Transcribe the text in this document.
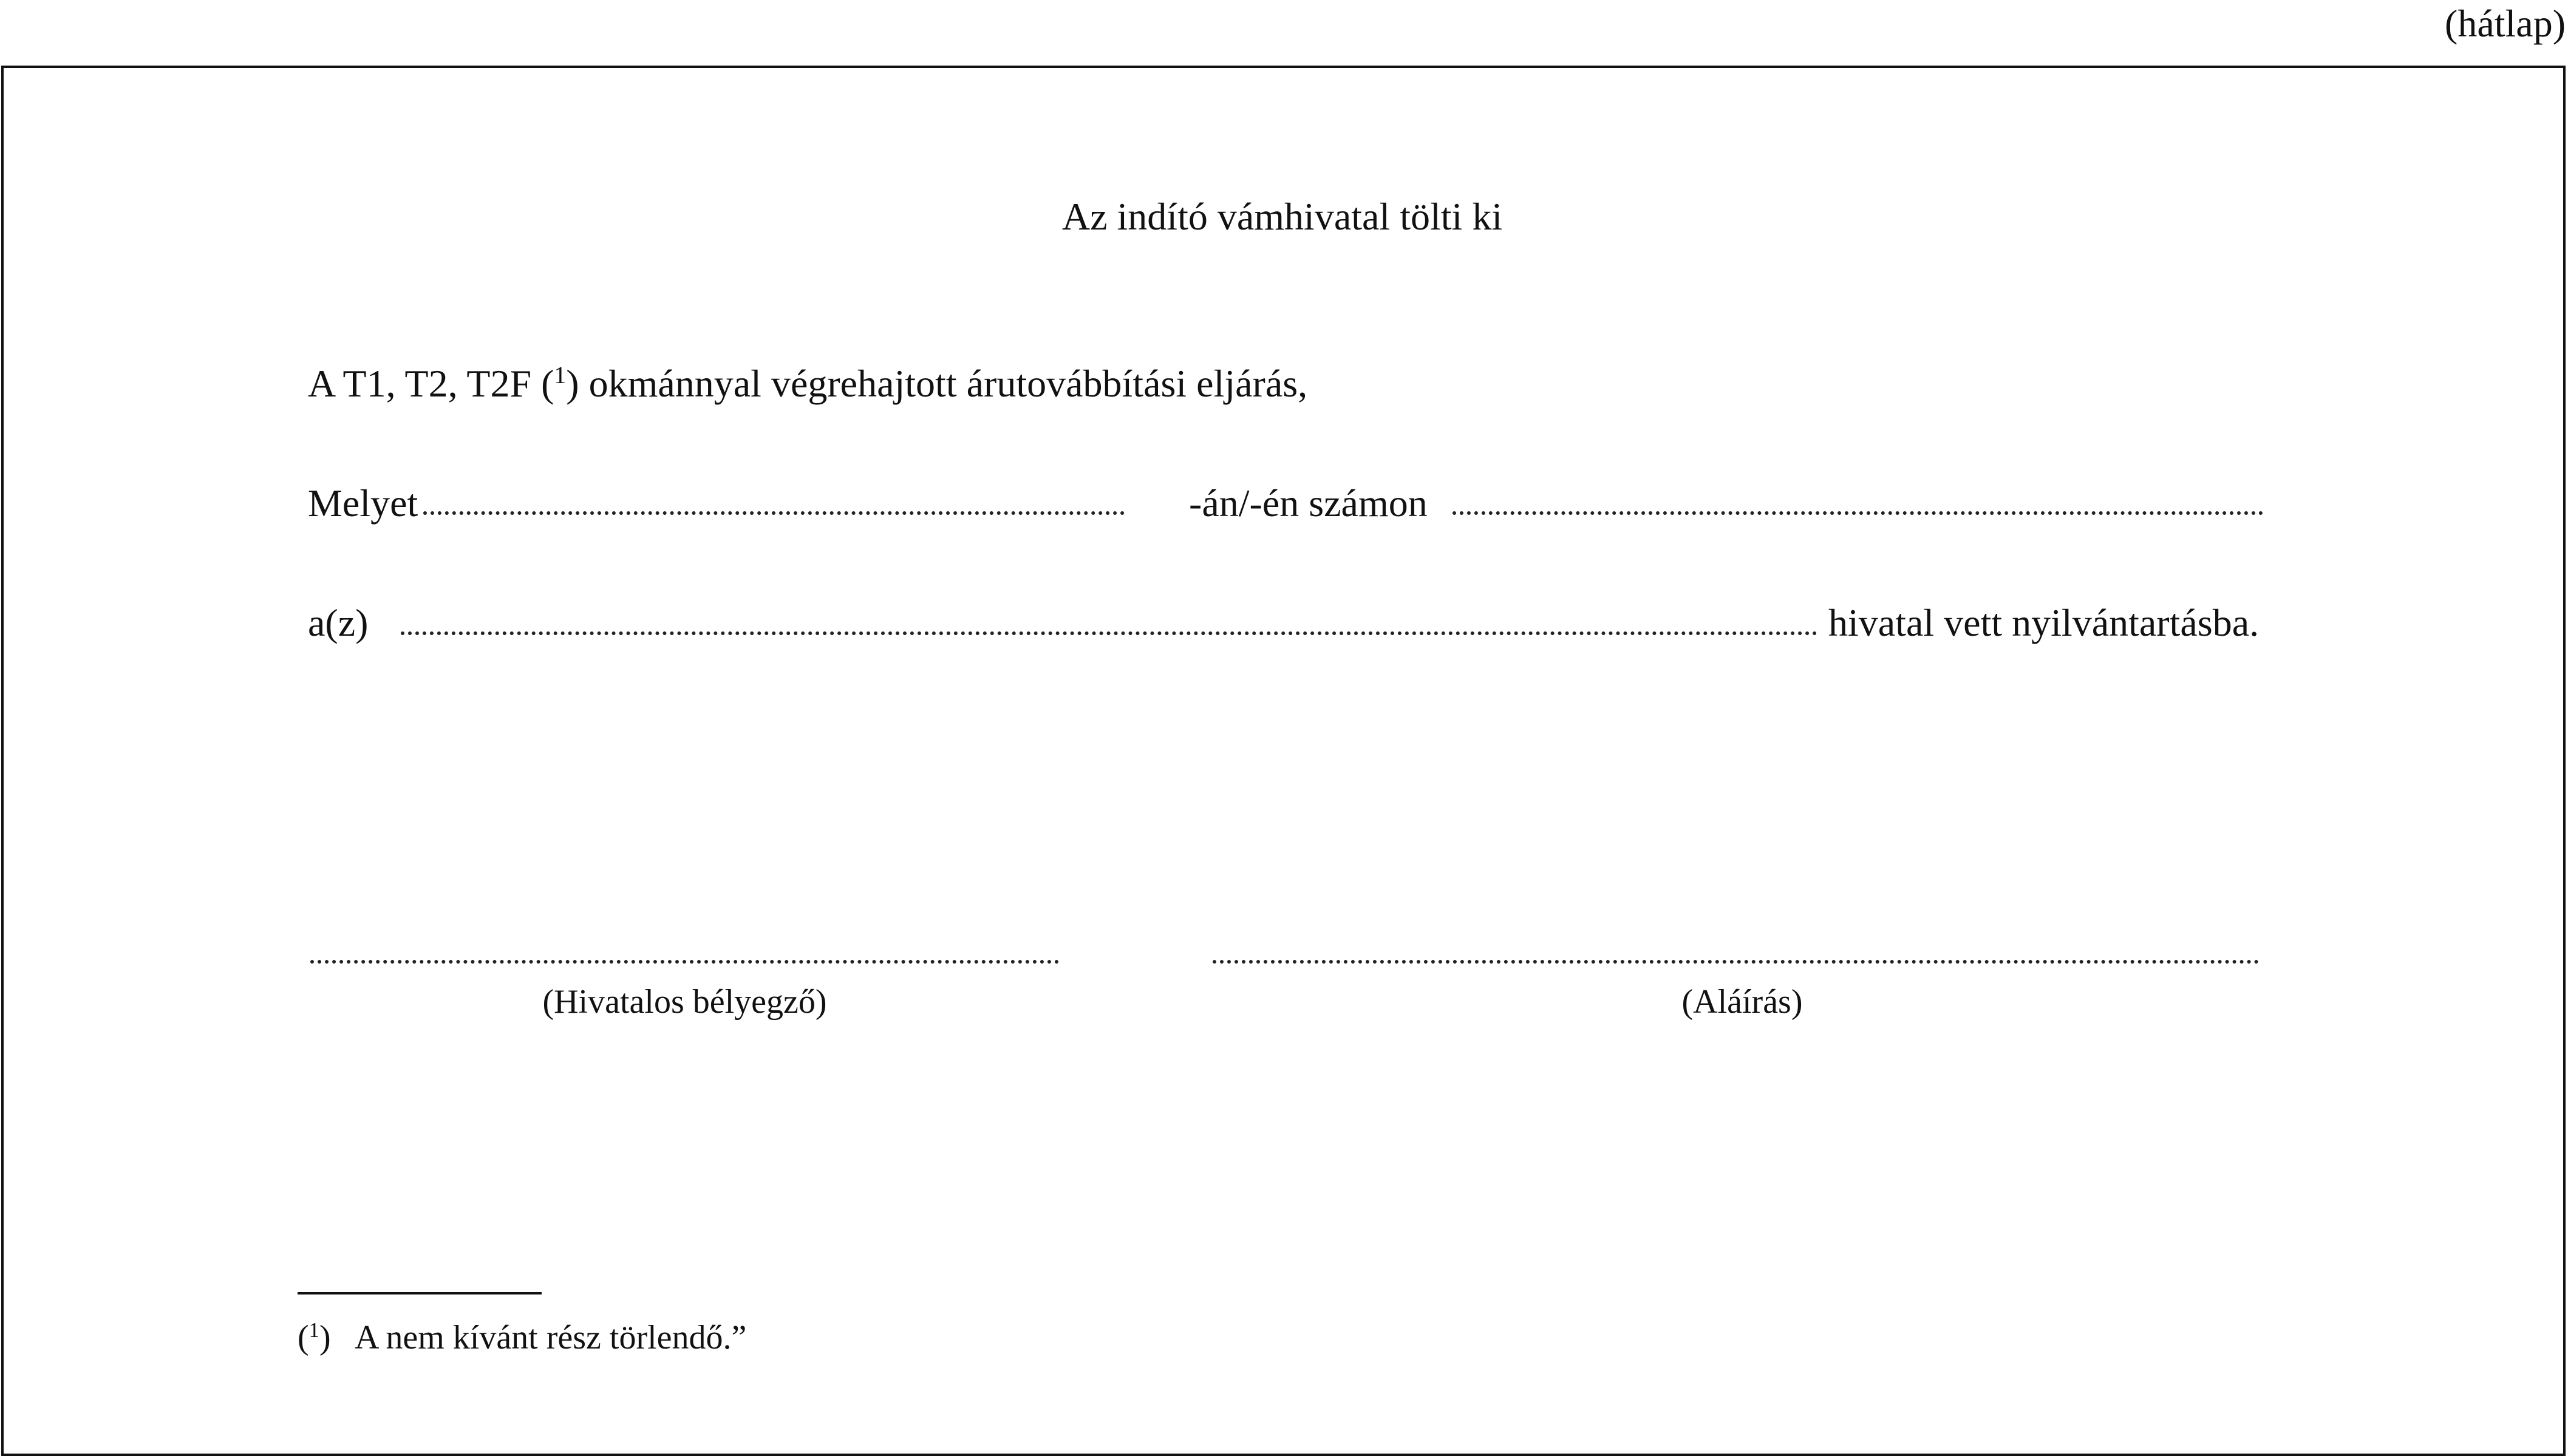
(hátlap)
Az indító vámhivatal tölti ki
A T1, T2, T2F ($^1$) okmánnyal végrehajtott árutovábbítási eljárás,
Melyet	-án/-én számon
a(z)	hivatal vett nyilvántartásba.
(Hivatalos bélyegző)	(Aláírás)
($^1$) A nem kívánt rész törlendő.”
